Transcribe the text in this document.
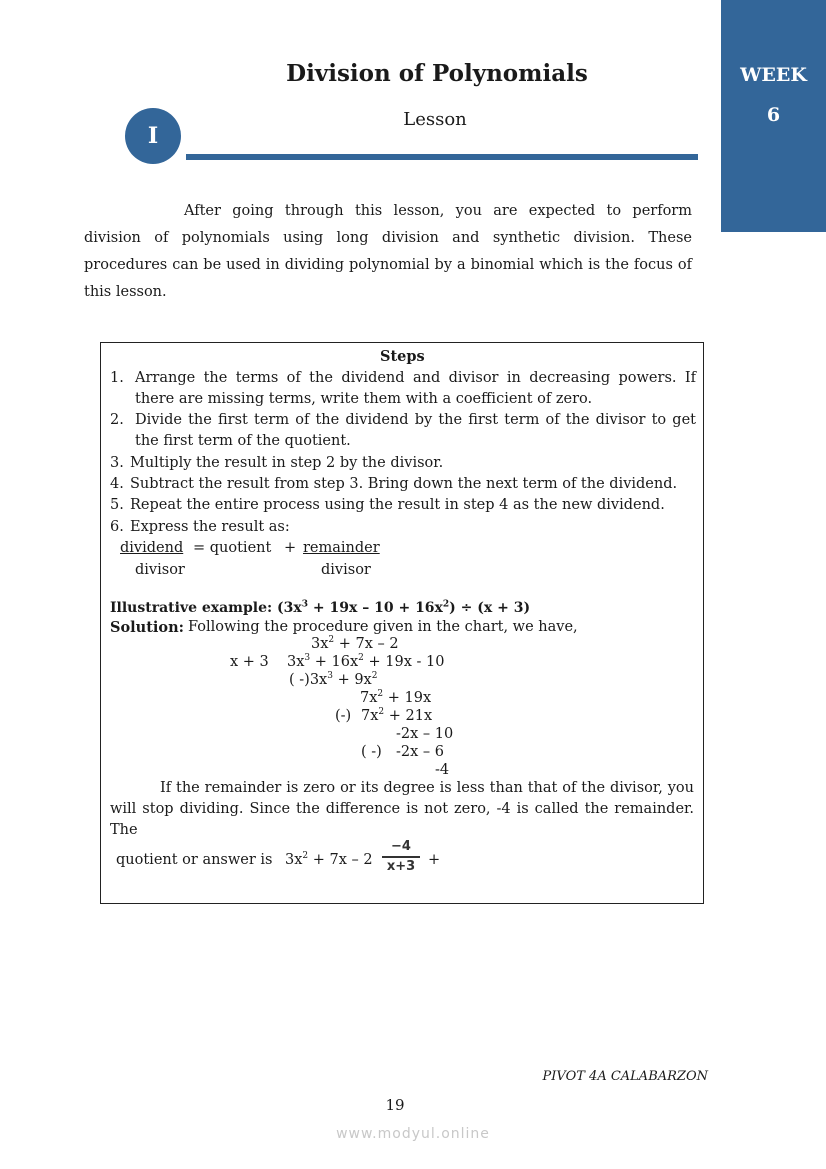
WEEK
6
Division of Polynomials
I
Lesson
After going through this lesson, you are expected to perform division of polynomials using long division and synthetic division. These procedures can be used in dividing polynomial by a binomial which is the focus of this lesson.
Steps
1. Arrange the terms of the dividend and divisor in decreasing powers. If there are missing terms, write them with a coefficient of zero.
2. Divide the first term of the dividend by the first term of the divisor to get the first term of the quotient.
3. Multiply the result in step 2 by the divisor.
4. Subtract the result from step 3. Bring down the next term of the dividend.
5. Repeat the entire process using the result in step 4 as the new dividend.
6. Express the result as:
dividend = quotient + remainder
divisor	divisor
Illustrative example: $(3x^3 + 19x - 10 + 16x^2) \div (x + 3)$
Solution: Following the procedure given in the chart, we have,
$3x^2 + 7x - 2$
x + 3 $3x^3 + 16x^2 + 19x - 10$
( $-)3x^3 + 9x^2$
$7x^2 + 19x$
(-) $7x^2 + 21x$
-2x – 10
( -) -2x – 6
-4
If the remainder is zero or its degree is less than that of the divisor, you will stop dividing. Since the difference is not zero, -4 is called the remainder. The
quotient or answer is $3x^2 + 7x - 2 \frac{-4}{x+3}$ +
PIVOT 4A CALABARZON
19
www.modyul.online
